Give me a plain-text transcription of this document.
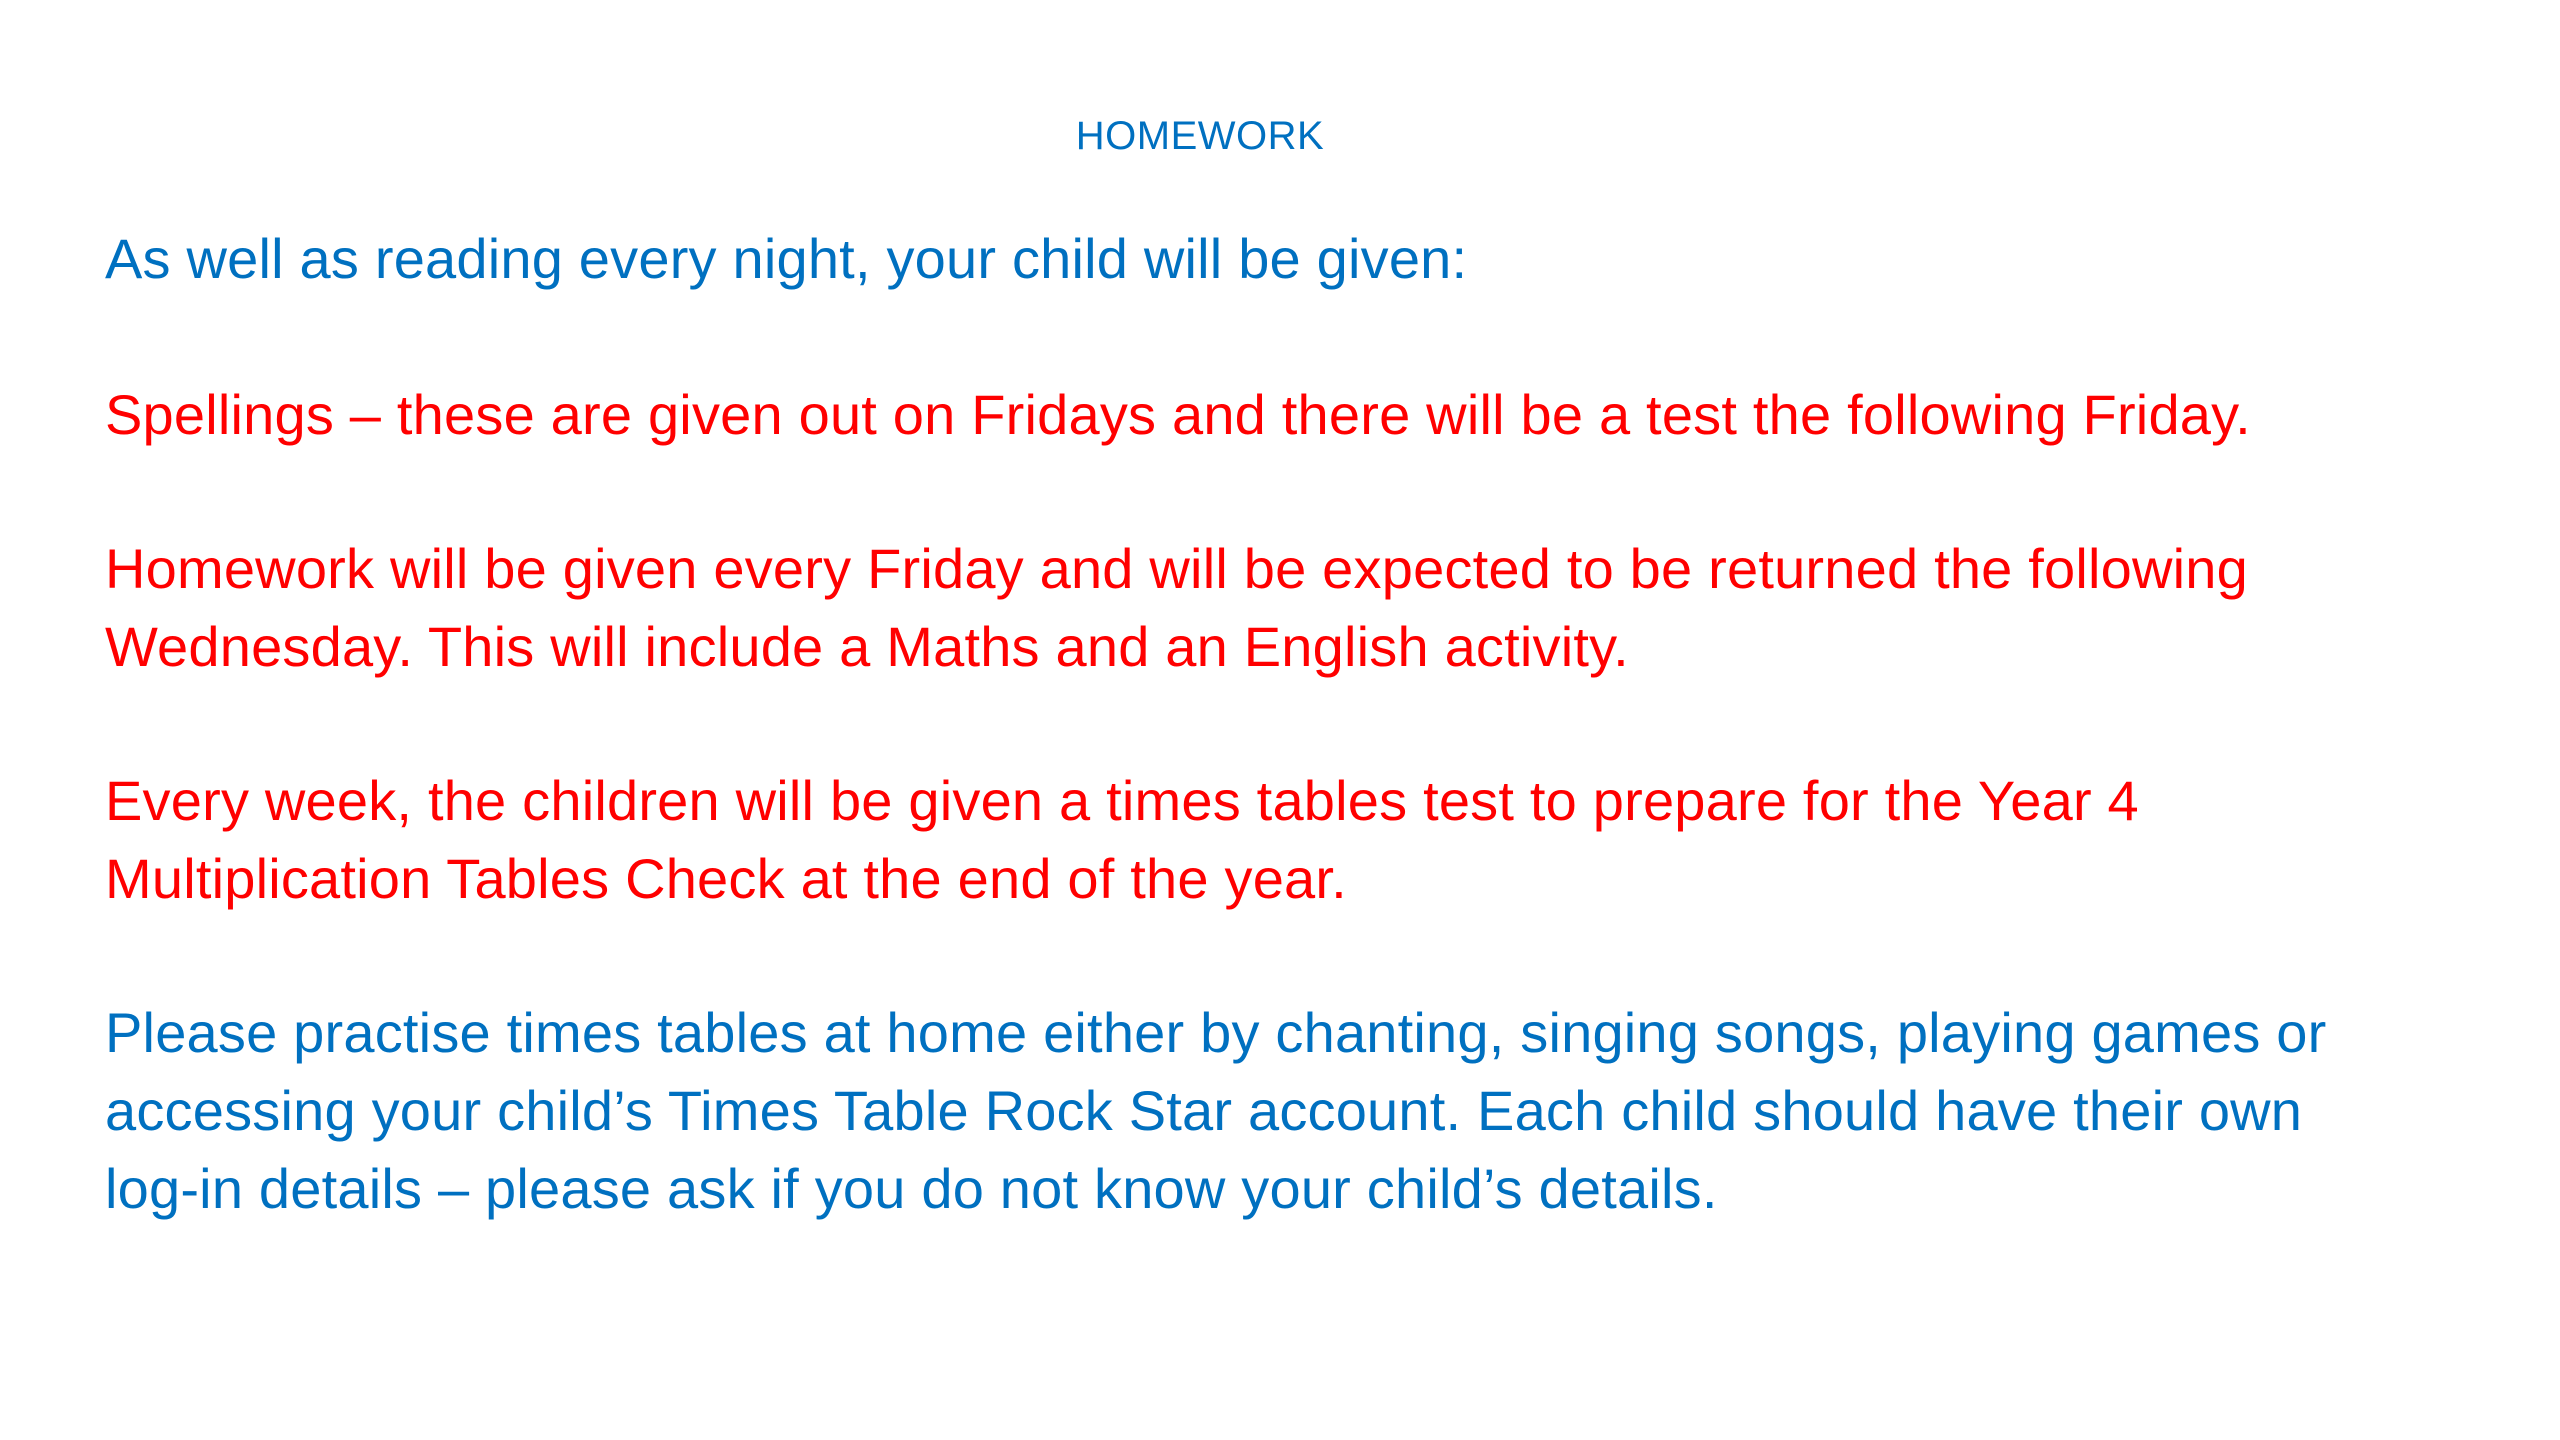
HOMEWORK

As well as reading every night, your child will be given:

Spellings – these are given out on Fridays and there will be a test the following Friday.

Homework will be given every Friday and will be expected to be returned the following Wednesday. This will include a Maths and an English activity.

Every week, the children will be given a times tables test to prepare for the Year 4 Multiplication Tables Check at the end of the year.

Please practise times tables at home either by chanting, singing songs, playing games or accessing your child’s Times Table Rock Star account. Each child should have their own log-in details – please ask if you do not know your child’s details.
